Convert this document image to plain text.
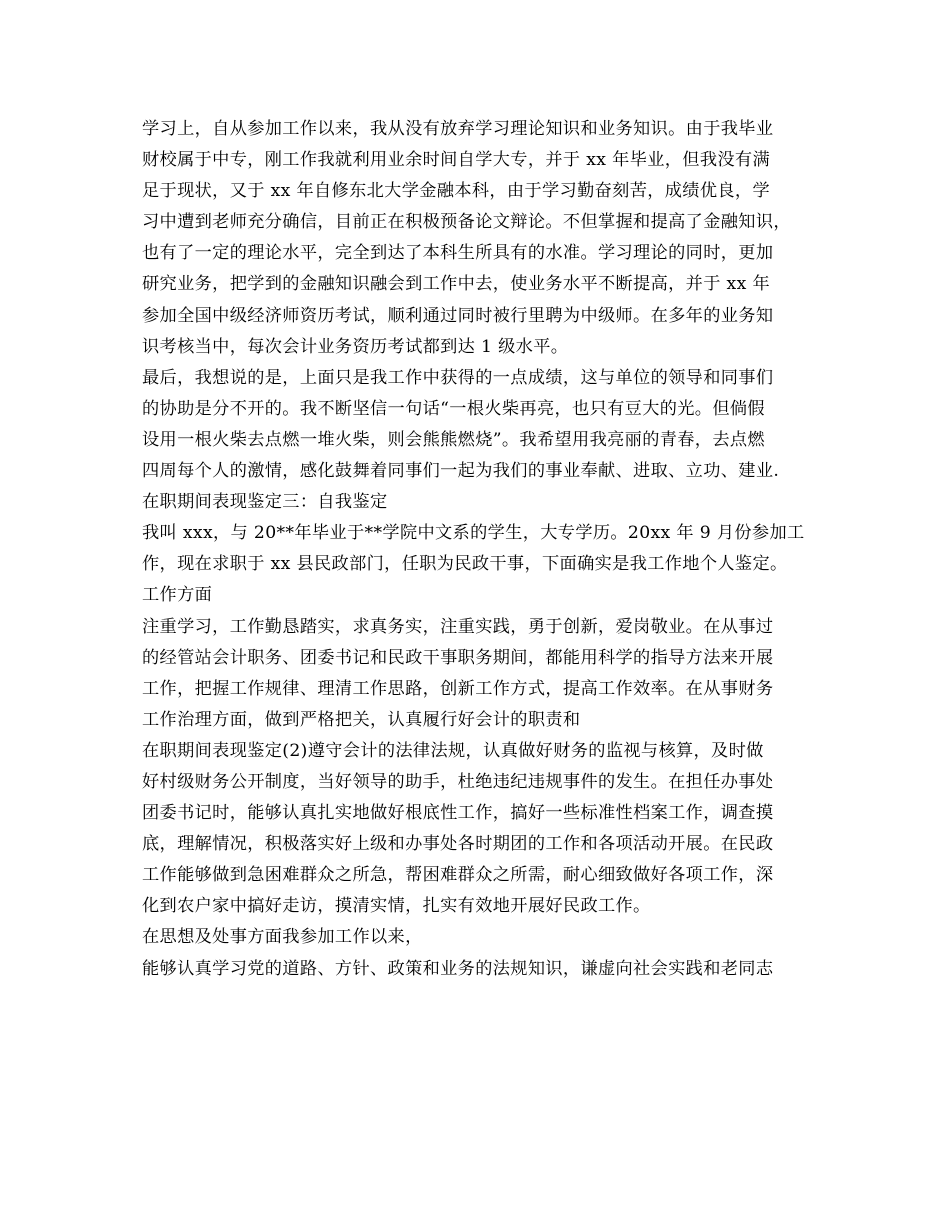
学习上，自从参加工作以来，我从没有放弃学习理论知识和业务知识。由于我毕业
财校属于中专，刚工作我就利用业余时间自学大专，并于 xx 年毕业，但我没有满
足于现状，又于 xx 年自修东北大学金融本科，由于学习勤奋刻苦，成绩优良，学
习中遭到老师充分确信，目前正在积极预备论文辩论。不但掌握和提高了金融知识，
也有了一定的理论水平，完全到达了本科生所具有的水准。学习理论的同时，更加
研究业务，把学到的金融知识融会到工作中去，使业务水平不断提高，并于 xx 年
参加全国中级经济师资历考试，顺利通过同时被行里聘为中级师。在多年的业务知
识考核当中，每次会计业务资历考试都到达 1 级水平。
最后，我想说的是，上面只是我工作中获得的一点成绩，这与单位的领导和同事们
的协助是分不开的。我不断坚信一句话“一根火柴再亮，也只有豆大的光。但倘假
设用一根火柴去点燃一堆火柴，则会熊熊燃烧”。我希望用我亮丽的青春，去点燃
四周每个人的激情，感化鼓舞着同事们一起为我们的事业奉献、进取、立功、建业.
在职期间表现鉴定三：自我鉴定
我叫 xxx，与 20**年毕业于**学院中文系的学生，大专学历。20xx 年 9 月份参加工
作，现在求职于 xx 县民政部门，任职为民政干事，下面确实是我工作地个人鉴定。
工作方面
注重学习，工作勤恳踏实，求真务实，注重实践，勇于创新，爱岗敬业。在从事过
的经管站会计职务、团委书记和民政干事职务期间，都能用科学的指导方法来开展
工作，把握工作规律、理清工作思路，创新工作方式，提高工作效率。在从事财务
工作治理方面，做到严格把关，认真履行好会计的职责和
在职期间表现鉴定(2)遵守会计的法律法规，认真做好财务的监视与核算，及时做
好村级财务公开制度，当好领导的助手，杜绝违纪违规事件的发生。在担任办事处
团委书记时，能够认真扎实地做好根底性工作，搞好一些标准性档案工作，调查摸
底，理解情况，积极落实好上级和办事处各时期团的工作和各项活动开展。在民政
工作能够做到急困难群众之所急，帮困难群众之所需，耐心细致做好各项工作，深
化到农户家中搞好走访，摸清实情，扎实有效地开展好民政工作。
在思想及处事方面我参加工作以来，
能够认真学习党的道路、方针、政策和业务的法规知识，谦虚向社会实践和老同志
